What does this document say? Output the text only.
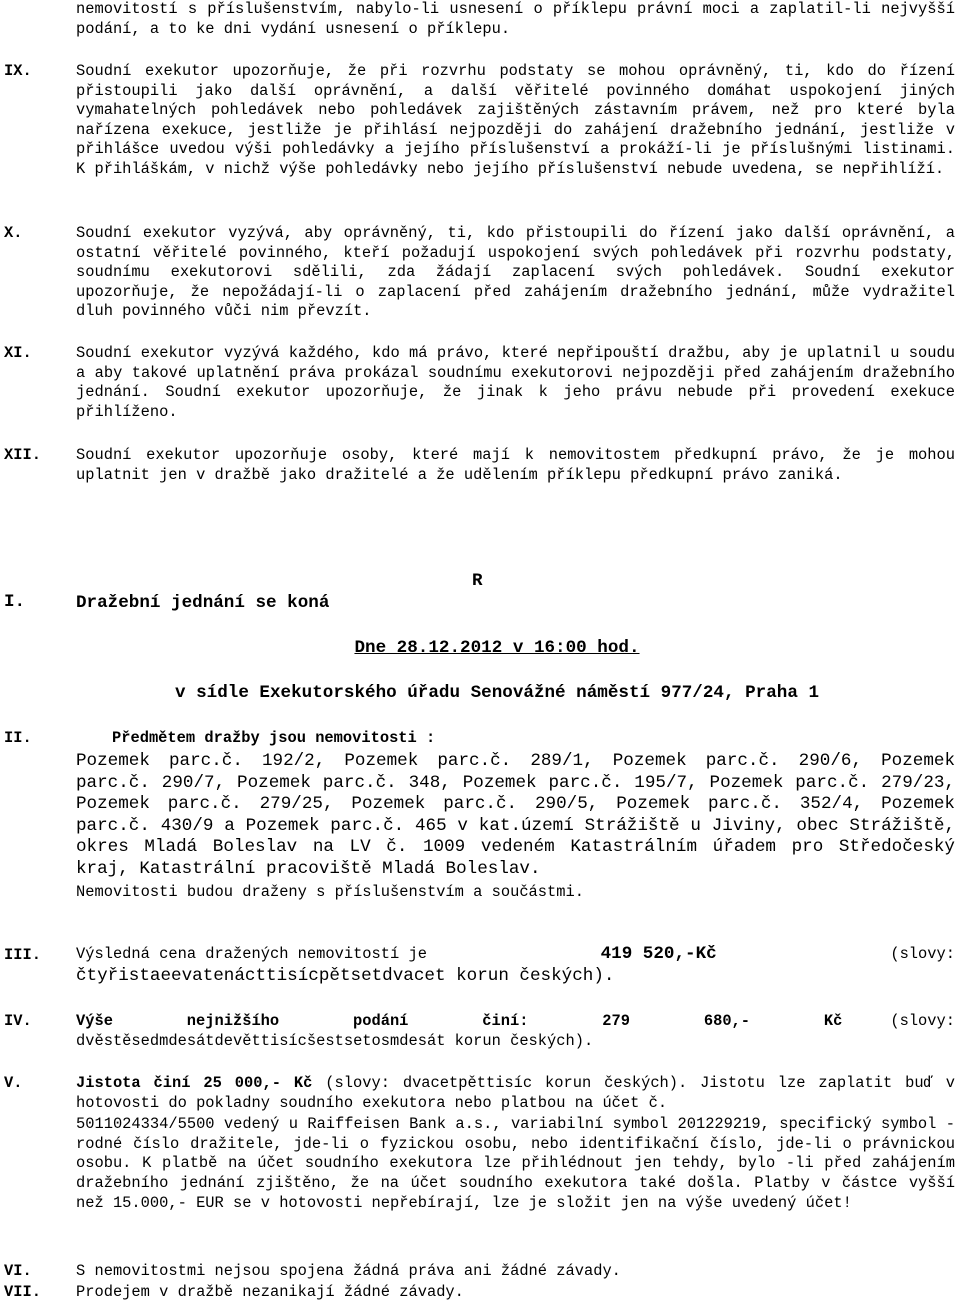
nemovitostí s příslušenstvím, nabylo-li usnesení o příklepu právní moci a zaplatil-li nejvyšší podání, a to ke dni vydání usnesení o příklepu.
IX.	Soudní exekutor upozorňuje, že při rozvrhu podstaty se mohou oprávněný, ti, kdo do řízení přistoupili jako další oprávnění, a další věřitelé povinného domáhat uspokojení jiných vymahatelných pohledávek nebo pohledávek zajištěných zástavním právem, než pro které byla nařízena exekuce, jestliže je přihlásí nejpozději do zahájení dražebního jednání, jestliže v přihlášce uvedou výši pohledávky a jejího příslušenství a prokáží-li je příslušnými listinami. K přihláškám, v nichž výše pohledávky nebo jejího příslušenství nebude uvedena, se nepřihlíží.
X.	Soudní exekutor vyzývá, aby oprávněný, ti, kdo přistoupili do řízení jako další oprávnění, a ostatní věřitelé povinného, kteří požadují uspokojení svých pohledávek při rozvrhu podstaty, soudnímu exekutorovi sdělili, zda žádají zaplacení svých pohledávek. Soudní exekutor upozorňuje, že nepožádají-li o zaplacení před zahájením dražebního jednání, může vydražitel dluh povinného vůči nim převzít.
XI.	Soudní exekutor vyzývá každého, kdo má právo, které nepřipouští dražbu, aby je uplatnil u soudu a aby takové uplatnění práva prokázal soudnímu exekutorovi nejpozději před zahájením dražebního jednání. Soudní exekutor upozorňuje, že jinak k jeho právu nebude při provedení exekuce přihlíženo.
XII. Soudní exekutor upozorňuje osoby, které mají k nemovitostem předkupní právo, že je mohou uplatnit jen v dražbě jako dražitelé a že udělením příklepu předkupní právo zaniká.
I.	Dražební jednání se koná
R
Dne 28.12.2012 v 16:00 hod.
v sídle Exekutorského úřadu Senovážné náměstí 977/24, Praha 1
II.	Předmětem dražby jsou nemovitosti :
Pozemek parc.č. 192/2, Pozemek parc.č. 289/1, Pozemek parc.č. 290/6, Pozemek parc.č. 290/7, Pozemek parc.č. 348, Pozemek parc.č. 195/7, Pozemek parc.č. 279/23, Pozemek parc.č. 279/25, Pozemek parc.č. 290/5, Pozemek parc.č. 352/4, Pozemek parc.č. 430/9 a Pozemek parc.č. 465 v kat.území Strážiště u Jiviny, obec Strážiště, okres Mladá Boleslav na LV č. 1009 vedeném Katastrálním úřadem pro Středočeský kraj, Katastrální pracoviště Mladá Boleslav.
Nemovitosti budou draženy s příslušenstvím a součástmi.
III. Výsledná cena dražených nemovitostí je	419 520,-Kč	(slovy:
čtyřistaeevatenácttisícpětsetdvacet korun českých).
IV.	Výše nejnižšího podání činí: 279 680,- Kč	(slovy:
dvěstěsedmdesátdevěttisícšestsetosmdesát korun českých).
V.	Jistota činí 25 000,- Kč (slovy: dvacetpěttisíc korun českých). Jistotu lze zaplatit buď v hotovosti do pokladny soudního exekutora nebo platbou na účet č.
5011024334/5500 vedený u Raiffeisen Bank a.s., variabilní symbol 201229219, specifický symbol - rodné číslo dražitele, jde-li o fyzickou osobu, nebo identifikační číslo, jde-li o právnickou osobu. K platbě na účet soudního exekutora lze přihlédnout jen tehdy, bylo -li před zahájením dražebního jednání zjištěno, že na účet soudního exekutora také došla. Platby v částce vyšší než 15.000,- EUR se v hotovosti nepřebírají, lze je složit jen na výše uvedený účet!
VI.	S nemovitostmi nejsou spojena žádná práva ani žádné závady.
VII. Prodejem v dražbě nezanikají žádné závady.
